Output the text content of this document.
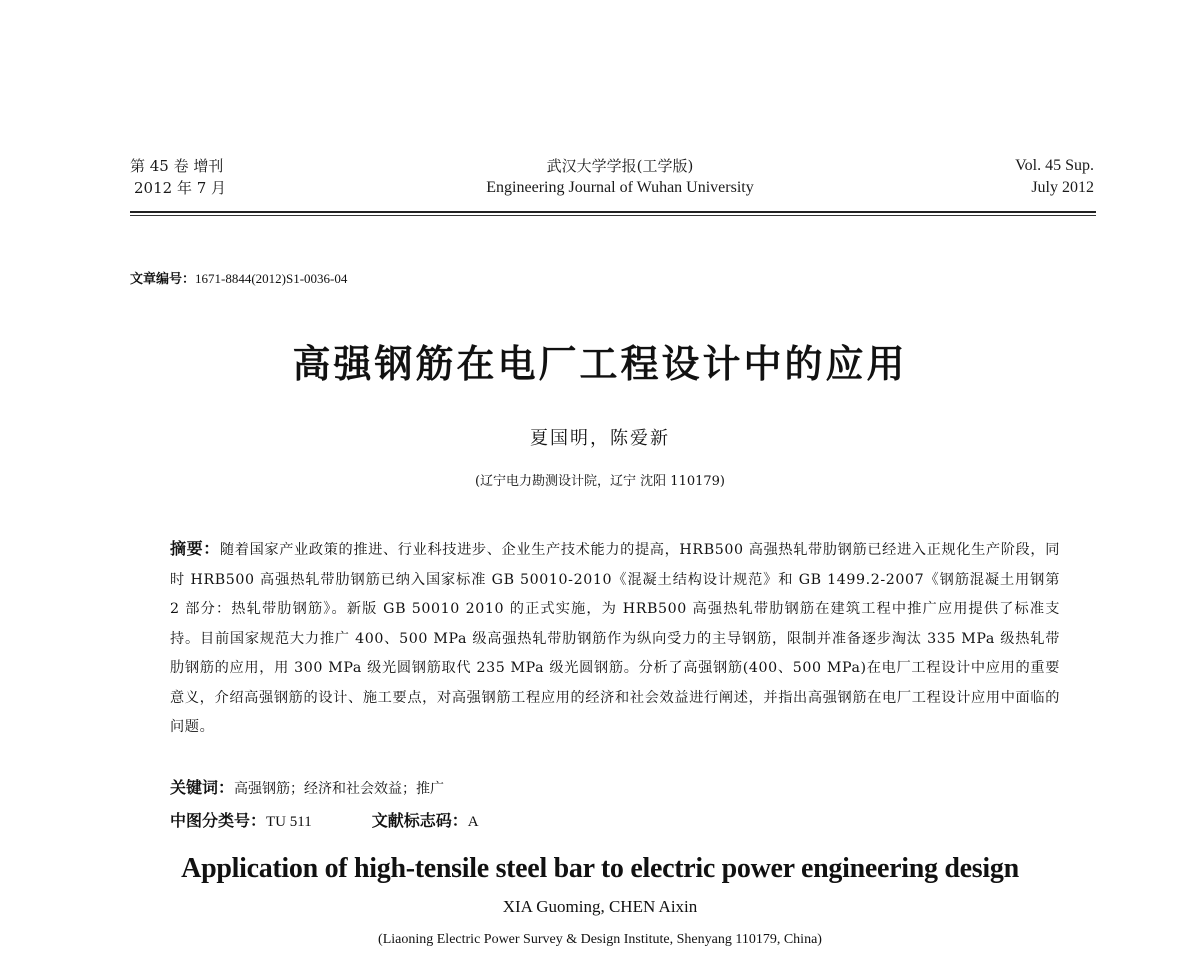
第 45 卷 增刊
2012 年 7 月
武汉大学学报(工学版)
Engineering Journal of Wuhan University
Vol. 45 Sup.
July 2012
文章编号：1671-8844(2012)S1-0036-04
高强钢筋在电厂工程设计中的应用
夏国明，陈爱新
(辽宁电力勘测设计院，辽宁 沈阳 110179)
摘要：随着国家产业政策的推进、行业科技进步、企业生产技术能力的提高，HRB500 高强热轧带肋钢筋已经进入正规化生产阶段，同时 HRB500 高强热轧带肋钢筋已纳入国家标准 GB 50010-2010《混凝土结构设计规范》和 GB 1499.2-2007《钢筋混凝土用钢第 2 部分：热轧带肋钢筋》。新版 GB 50010 2010 的正式实施，为 HRB500 高强热轧带肋钢筋在建筑工程中推广应用提供了标准支持。目前国家规范大力推广 400、500 MPa 级高强热轧带肋钢筋作为纵向受力的主导钢筋，限制并准备逐步淘汰 335 MPa 级热轧带肋钢筋的应用，用 300 MPa 级光圆钢筋取代 235 MPa 级光圆钢筋。分析了高强钢筋(400、500 MPa)在电厂工程设计中应用的重要意义，介绍高强钢筋的设计、施工要点，对高强钢筋工程应用的经济和社会效益进行阐述，并指出高强钢筋在电厂工程设计应用中面临的问题。
关键词：高强钢筋；经济和社会效益；推广
中图分类号：TU 511	文献标志码：A
Application of high-tensile steel bar to electric power engineering design
XIA Guoming, CHEN Aixin
(Liaoning Electric Power Survey & Design Institute, Shenyang 110179, China)
